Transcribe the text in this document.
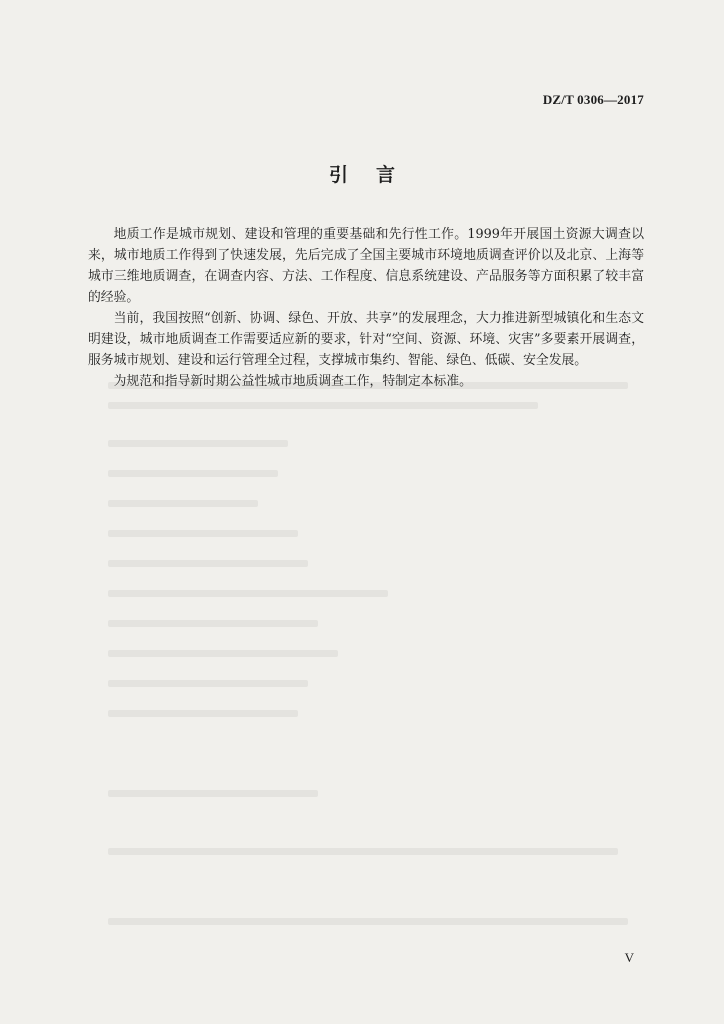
DZ/T 0306—2017
引言

地质工作是城市规划、建设和管理的重要基础和先行性工作。1999年开展国土资源大调查以来，城市地质工作得到了快速发展，先后完成了全国主要城市环境地质调查评价以及北京、上海等城市三维地质调查，在调查内容、方法、工作程度、信息系统建设、产品服务等方面积累了较丰富的经验。

当前，我国按照“创新、协调、绿色、开放、共享”的发展理念，大力推进新型城镇化和生态文明建设，城市地质调查工作需要适应新的要求，针对“空间、资源、环境、灾害”多要素开展调查，服务城市规划、建设和运行管理全过程，支撑城市集约、智能、绿色、低碳、安全发展。

为规范和指导新时期公益性城市地质调查工作，特制定本标准。

V
